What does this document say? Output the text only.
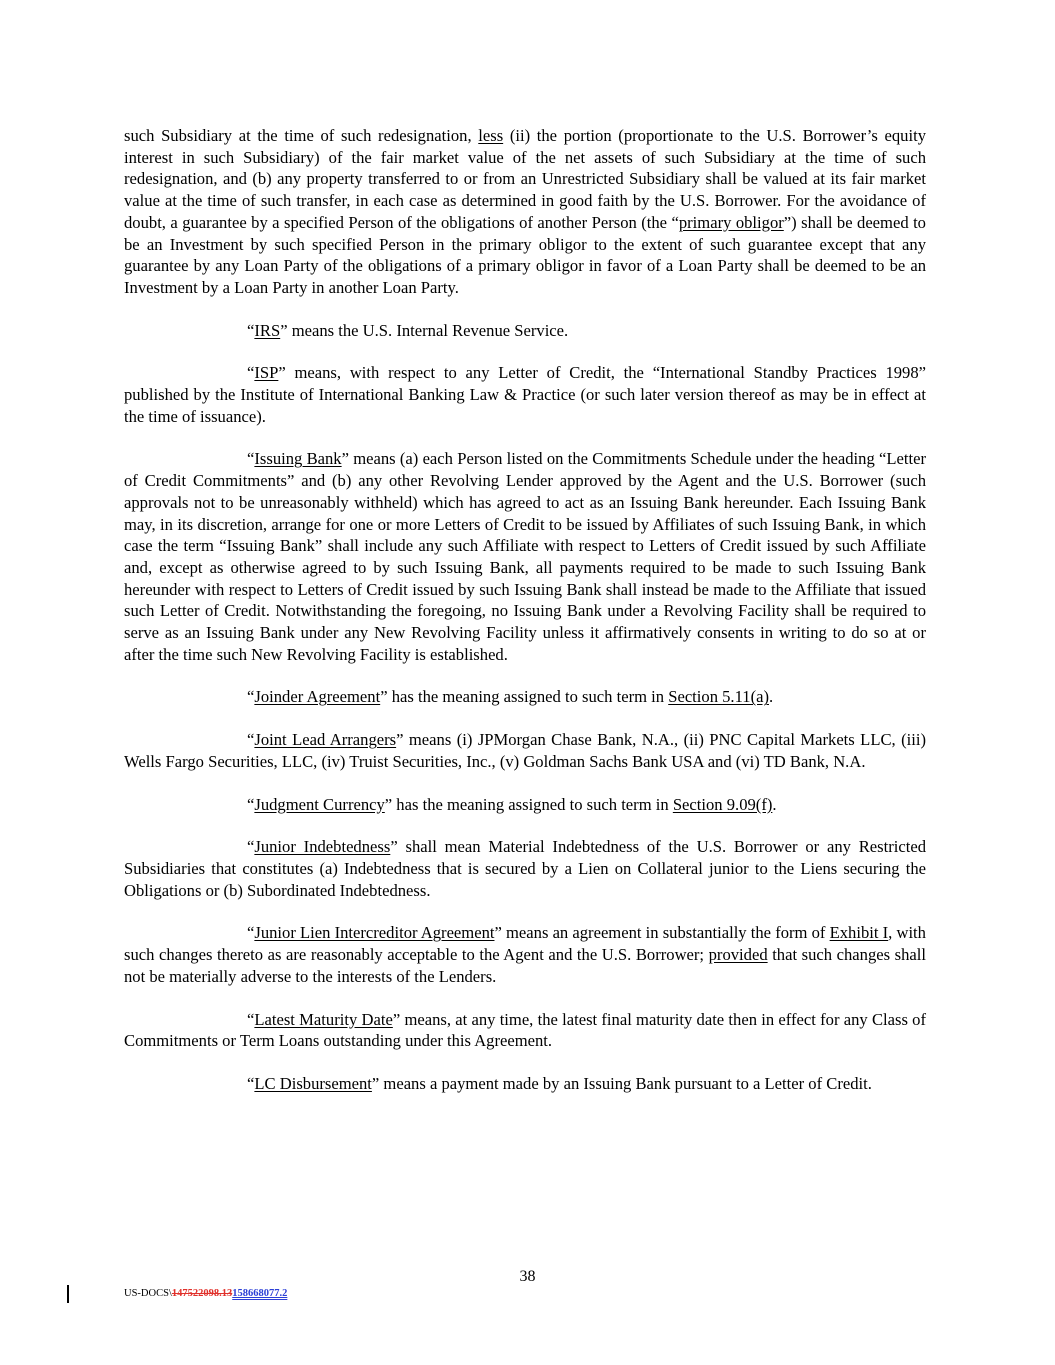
such Subsidiary at the time of such redesignation, less (ii) the portion (proportionate to the U.S. Borrower’s equity interest in such Subsidiary) of the fair market value of the net assets of such Subsidiary at the time of such redesignation, and (b) any property transferred to or from an Unrestricted Subsidiary shall be valued at its fair market value at the time of such transfer, in each case as determined in good faith by the U.S. Borrower. For the avoidance of doubt, a guarantee by a specified Person of the obligations of another Person (the “primary obligor”) shall be deemed to be an Investment by such specified Person in the primary obligor to the extent of such guarantee except that any guarantee by any Loan Party of the obligations of a primary obligor in favor of a Loan Party shall be deemed to be an Investment by a Loan Party in another Loan Party.

“IRS” means the U.S. Internal Revenue Service.

“ISP” means, with respect to any Letter of Credit, the “International Standby Practices 1998” published by the Institute of International Banking Law & Practice (or such later version thereof as may be in effect at the time of issuance).

“Issuing Bank” means (a) each Person listed on the Commitments Schedule under the heading “Letter of Credit Commitments” and (b) any other Revolving Lender approved by the Agent and the U.S. Borrower (such approvals not to be unreasonably withheld) which has agreed to act as an Issuing Bank hereunder. Each Issuing Bank may, in its discretion, arrange for one or more Letters of Credit to be issued by Affiliates of such Issuing Bank, in which case the term “Issuing Bank” shall include any such Affiliate with respect to Letters of Credit issued by such Affiliate and, except as otherwise agreed to by such Issuing Bank, all payments required to be made to such Issuing Bank hereunder with respect to Letters of Credit issued by such Issuing Bank shall instead be made to the Affiliate that issued such Letter of Credit. Notwithstanding the foregoing, no Issuing Bank under a Revolving Facility shall be required to serve as an Issuing Bank under any New Revolving Facility unless it affirmatively consents in writing to do so at or after the time such New Revolving Facility is established.

“Joinder Agreement” has the meaning assigned to such term in Section 5.11(a).

“Joint Lead Arrangers” means (i) JPMorgan Chase Bank, N.A., (ii) PNC Capital Markets LLC, (iii) Wells Fargo Securities, LLC, (iv) Truist Securities, Inc., (v) Goldman Sachs Bank USA and (vi) TD Bank, N.A.

“Judgment Currency” has the meaning assigned to such term in Section 9.09(f).

“Junior Indebtedness” shall mean Material Indebtedness of the U.S. Borrower or any Restricted Subsidiaries that constitutes (a) Indebtedness that is secured by a Lien on Collateral junior to the Liens securing the Obligations or (b) Subordinated Indebtedness.

“Junior Lien Intercreditor Agreement” means an agreement in substantially the form of Exhibit I, with such changes thereto as are reasonably acceptable to the Agent and the U.S. Borrower; provided that such changes shall not be materially adverse to the interests of the Lenders.

“Latest Maturity Date” means, at any time, the latest final maturity date then in effect for any Class of Commitments or Term Loans outstanding under this Agreement.

“LC Disbursement” means a payment made by an Issuing Bank pursuant to a Letter of Credit.

38
US-DOCS\147522098.13158668077.2
